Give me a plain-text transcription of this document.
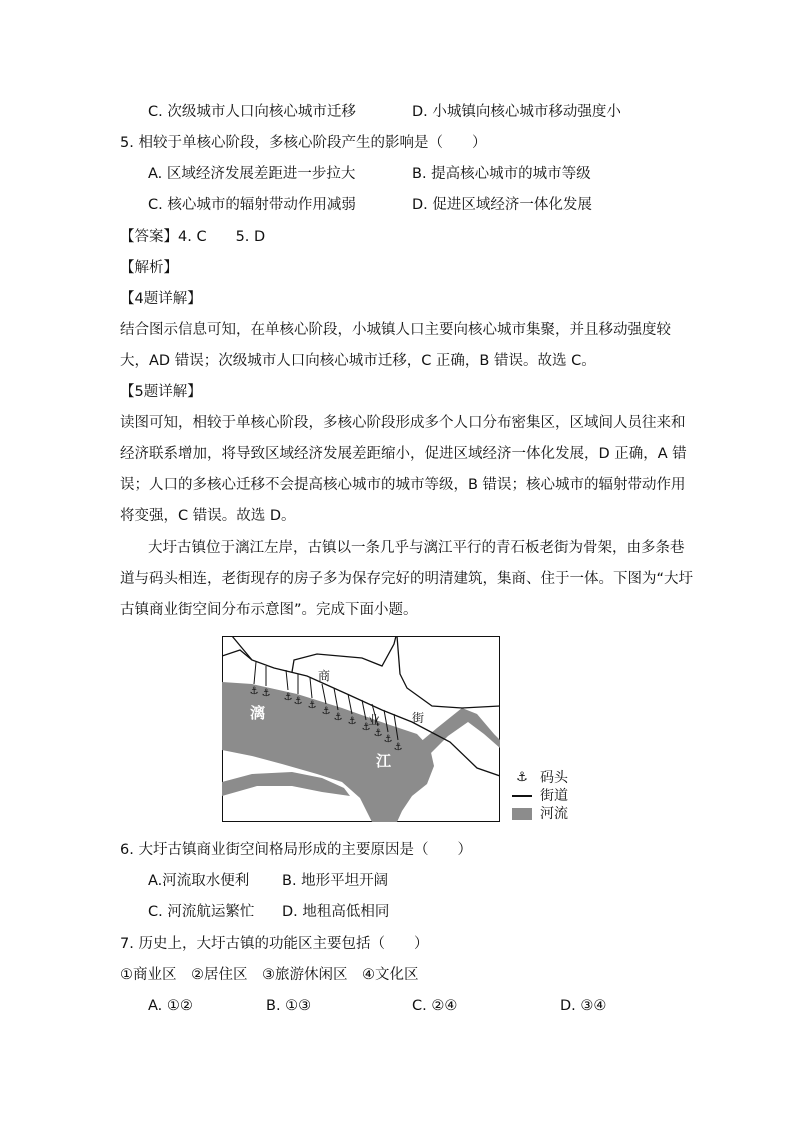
C. 次级城市人口向核心城市迁移	D. 小城镇向核心城市移动强度小
5. 相较于单核心阶段，多核心阶段产生的影响是（　　）
A. 区域经济发展差距进一步拉大	B. 提高核心城市的城市等级
C. 核心城市的辐射带动作用减弱	D. 促进区域经济一体化发展
【答案】4. C　　5. D
【解析】
【4题详解】
结合图示信息可知，在单核心阶段，小城镇人口主要向核心城市集聚，并且移动强度较
大，AD 错误；次级城市人口向核心城市迁移，C 正确，B 错误。故选 C。
【5题详解】
读图可知，相较于单核心阶段，多核心阶段形成多个人口分布密集区，区域间人员往来和
经济联系增加，将导致区域经济发展差距缩小，促进区域经济一体化发展，D 正确，A 错
误；人口的多核心迁移不会提高核心城市的城市等级，B 错误；核心城市的辐射带动作用
将变强，C 错误。故选 D。
大圩古镇位于漓江左岸，古镇以一条几乎与漓江平行的青石板老街为骨架，由多条巷
道与码头相连，老街现存的房子多为保存完好的明清建筑，集商、住于一体。下图为“大圩
古镇商业街空间分布示意图”。完成下面小题。
⚓ ⚓ ⚓ ⚓ ⚓
⚓
⚓ ⚓
⚓
⚓
⚓
⚓
商
业	街
漓
江
⚓ 码头
街道
河流
6. 大圩古镇商业街空间格局形成的主要原因是（　　）
A.河流取水便利 B. 地形平坦开阔
C. 河流航运繁忙 D. 地租高低相同
7. 历史上，大圩古镇的功能区主要包括（　　）
①商业区　②居住区　③旅游休闲区　④文化区
A. ①②	B. ①③	C. ②④	D. ③④
